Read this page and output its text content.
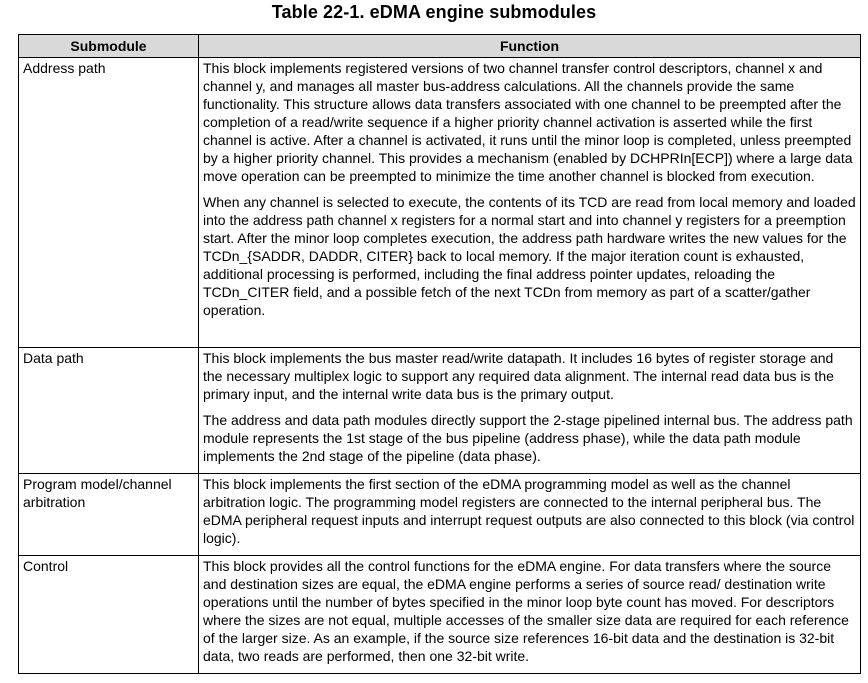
Table 22-1. eDMA engine submodules
Submodule	Function
Address path	This block implements registered versions of two channel transfer control descriptors, channel x and channel y, and manages all master bus-address calculations. All the channels provide the same functionality. This structure allows data transfers associated with one channel to be preempted after the completion of a read/write sequence if a higher priority channel activation is asserted while the first channel is active. After a channel is activated, it runs until the minor loop is completed, unless preempted by a higher priority channel. This provides a mechanism (enabled by DCHPRIn[ECP]) where a large data move operation can be preempted to minimize the time another channel is blocked from execution.

When any channel is selected to execute, the contents of its TCD are read from local memory and loaded into the address path channel x registers for a normal start and into channel y registers for a preemption start. After the minor loop completes execution, the address path hardware writes the new values for the TCDn_{SADDR, DADDR, CITER} back to local memory. If the major iteration count is exhausted, additional processing is performed, including the final address pointer updates, reloading the TCDn_CITER field, and a possible fetch of the next TCDn from memory as part of a scatter/gather operation.

Data path	This block implements the bus master read/write datapath. It includes 16 bytes of register storage and the necessary multiplex logic to support any required data alignment. The internal read data bus is the primary input, and the internal write data bus is the primary output.

The address and data path modules directly support the 2-stage pipelined internal bus. The address path module represents the 1st stage of the bus pipeline (address phase), while the data path module implements the 2nd stage of the pipeline (data phase).

Program model/channel arbitration	This block implements the first section of the eDMA programming model as well as the channel arbitration logic. The programming model registers are connected to the internal peripheral bus. The eDMA peripheral request inputs and interrupt request outputs are also connected to this block (via control logic).

Control	This block provides all the control functions for the eDMA engine. For data transfers where the source and destination sizes are equal, the eDMA engine performs a series of source read/ destination write operations until the number of bytes specified in the minor loop byte count has moved. For descriptors where the sizes are not equal, multiple accesses of the smaller size data are required for each reference of the larger size. As an example, if the source size references 16-bit data and the destination is 32-bit data, two reads are performed, then one 32-bit write.
